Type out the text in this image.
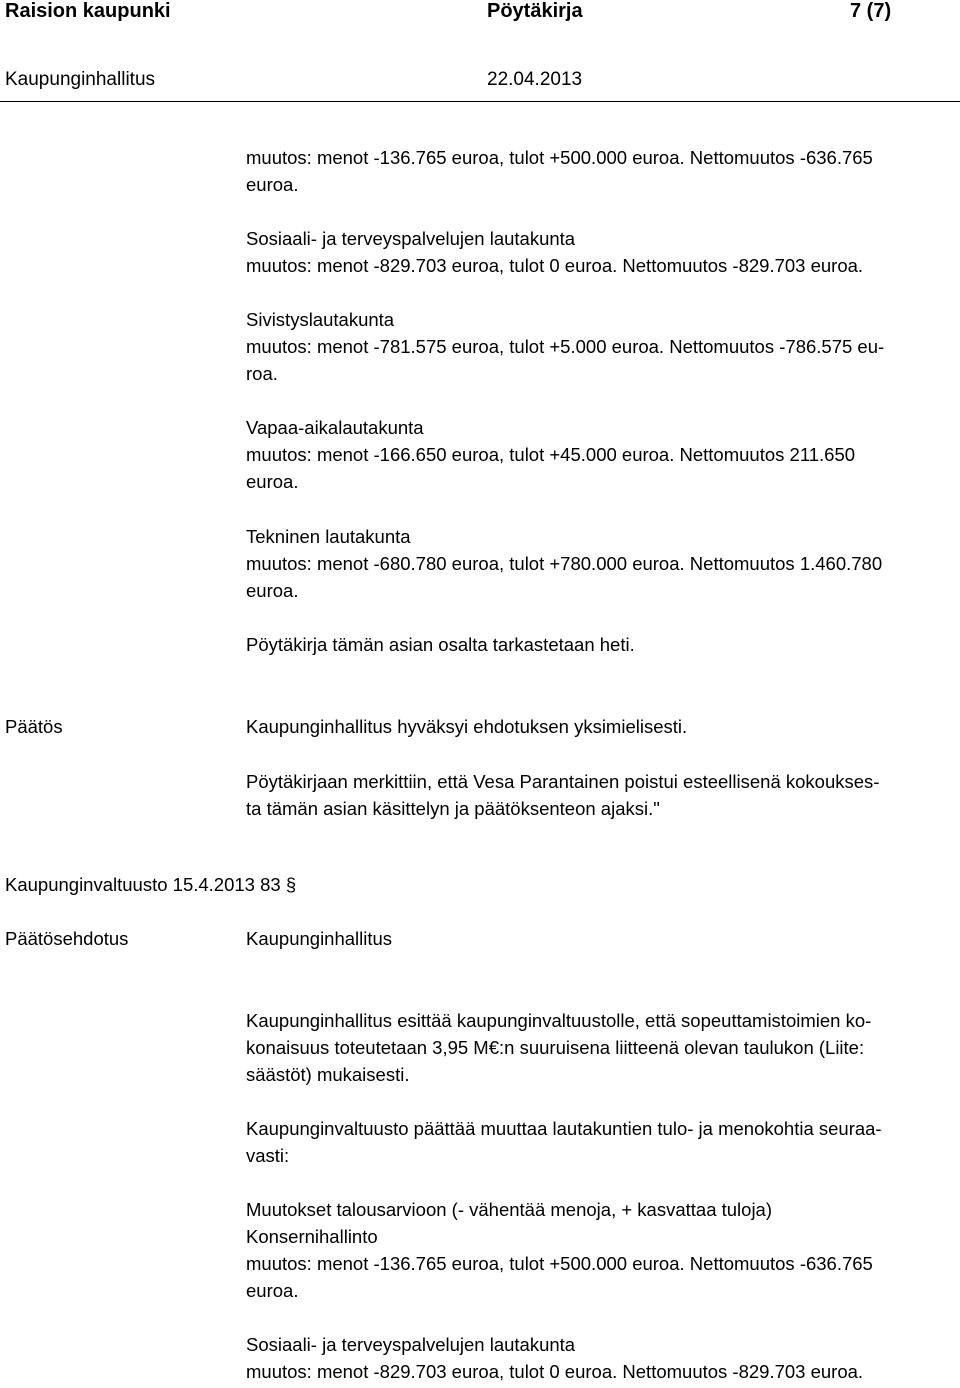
Raision kaupunki	Pöytäkirja	7 (7)
Kaupunginhallitus	22.04.2013
muutos: menot -136.765 euroa, tulot +500.000 euroa. Nettomuutos -636.765
euroa.
Sosiaali- ja terveyspalvelujen lautakunta
muutos: menot -829.703 euroa, tulot 0 euroa. Nettomuutos -829.703 euroa.
Sivistyslautakunta
muutos: menot -781.575 euroa, tulot +5.000 euroa. Nettomuutos -786.575 eu-
roa.
Vapaa-aikalautakunta
muutos: menot -166.650 euroa, tulot +45.000 euroa. Nettomuutos 211.650
euroa.
Tekninen lautakunta
muutos: menot -680.780 euroa, tulot +780.000 euroa. Nettomuutos 1.460.780
euroa.
Pöytäkirja tämän asian osalta tarkastetaan heti.
Päätös	Kaupunginhallitus hyväksyi ehdotuksen yksimielisesti.
Pöytäkirjaan merkittiin, että Vesa Parantainen poistui esteellisenä kokoukses-
ta tämän asian käsittelyn ja päätöksenteon ajaksi."
Kaupunginvaltuusto 15.4.2013 83 §
Päätösehdotus	Kaupunginhallitus
Kaupunginhallitus esittää kaupunginvaltuustolle, että sopeuttamistoimien ko-
konaisuus toteutetaan 3,95 M€:n suuruisena liitteenä olevan taulukon (Liite:
säästöt) mukaisesti.
Kaupunginvaltuusto päättää muuttaa lautakuntien tulo- ja menokohtia seuraa-
vasti:
Muutokset talousarvioon (- vähentää menoja, + kasvattaa tuloja)
Konsernihallinto
muutos: menot -136.765 euroa, tulot +500.000 euroa. Nettomuutos -636.765
euroa.
Sosiaali- ja terveyspalvelujen lautakunta
muutos: menot -829.703 euroa, tulot 0 euroa. Nettomuutos -829.703 euroa.
